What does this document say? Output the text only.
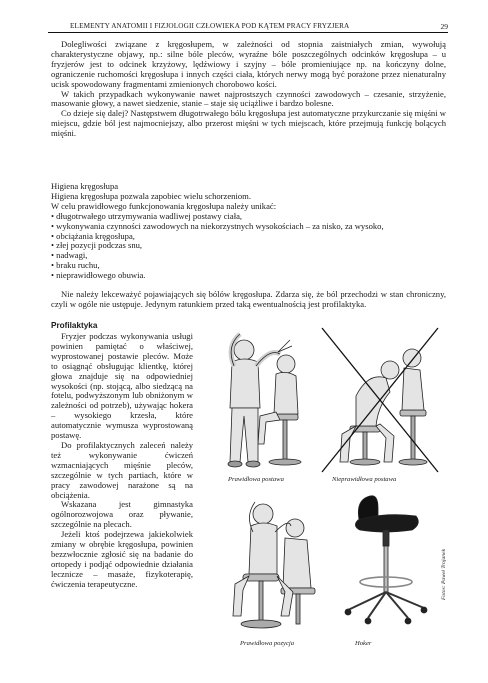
ELEMENTY ANATOMII I FIZJOLOGII CZŁOWIEKA POD KĄTEM PRACY FRYZJERA	29

Dolegliwości związane z kręgosłupem, w zależności od stopnia zaistniałych zmian, wywołują charakterystyczne objawy, np.: silne bóle pleców, wyraźne bóle poszczególnych odcinków kręgosłupa – u fryzjerów jest to odcinek krzyżowy, lędźwiowy i szyjny – bóle promieniujące np. na kończyny dolne, ograniczenie ruchomości kręgosłupa i innych części ciała, których nerwy mogą być porażone przez nienaturalny ucisk spowodowany fragmentami zmienionych chorobowo kości.

W takich przypadkach wykonywanie nawet najprostszych czynności zawodowych – czesanie, strzyżenie, masowanie głowy, a nawet siedzenie, stanie – staje się uciążliwe i bardzo bolesne.

Co dzieje się dalej? Następstwem długotrwałego bólu kręgosłupa jest automatyczne przykurczanie się mięśni w miejscu, gdzie ból jest najmocniejszy, albo przerost mięśni w tych miejscach, które przejmują funkcję bolących mięśni.

Higiena kręgosłupa
Higiena kręgosłupa pozwala zapobiec wielu schorzeniom.
W celu prawidłowego funkcjonowania kręgosłupa należy unikać:
• długotrwałego utrzymywania wadliwej postawy ciała,
• wykonywania czynności zawodowych na niekorzystnych wysokościach – za nisko, za wysoko,
• obciążania kręgosłupa,
• złej pozycji podczas snu,
• nadwagi,
• braku ruchu,
• nieprawidłowego obuwia.

Nie należy lekceważyć pojawiających się bólów kręgosłupa. Zdarza się, że ból przechodzi w stan chroniczny, czyli w ogóle nie ustępuje. Jedynym ratunkiem przed taką ewentualnością jest profilaktyka.

Profilaktyka

Fryzjer podczas wykonywania usługi powinien pamiętać o właściwej, wyprostowanej postawie pleców. Może to osiągnąć obsługując klientkę, której głowa znajduje się na odpowiedniej wysokości (np. stojącą, albo siedzącą na fotelu, podwyższonym lub obniżonym w zależności od potrzeb), używając hokera – wysokiego krzesła, które automatycznie wymusza wyprostowaną postawę.

Do profilaktycznych zaleceń należy też wykonywanie ćwiczeń wzmacniających mięśnie pleców, szczególnie w tych partiach, które w pracy zawodowej narażone są na obciążenia.

Wskazana jest gimnastyka ogólnorozwojowa oraz pływanie, szczególnie na plecach.

Jeżeli ktoś podejrzewa jakiekolwiek zmiany w obrębie kręgosłupa, powinien bezzwłocznie zgłosić się na badanie do ortopedy i podjąć odpowiednie działania lecznicze – masaże, fizykoterapię, ćwiczenia terapeutyczne.

Prawidłowa postawa	Nieprawidłowa postawa
Prawidłowa pozycja	Hoker
Fotos: Paweł Trojanek
